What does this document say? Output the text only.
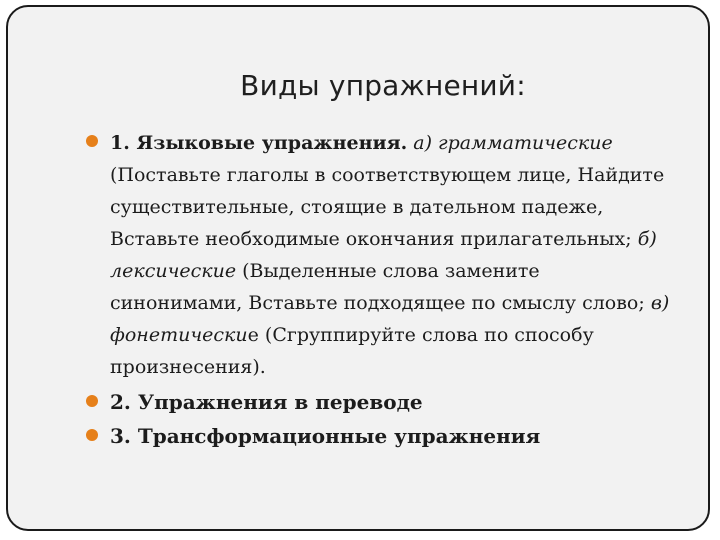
Виды упражнений:
1. Языковые упражнения. а) грамматические (Поставьте глаголы в соответствующем лице, Найдите существительные, стоящие в дательном падеже, Вставьте необходимые окончания прилагательных; б) лексические (Выделенные слова замените синонимами, Вставьте подходящее по смыслу слово; в) фонетические (Сгруппируйте слова по способу произнесения).
2. Упражнения в переводе
3. Трансформационные упражнения
